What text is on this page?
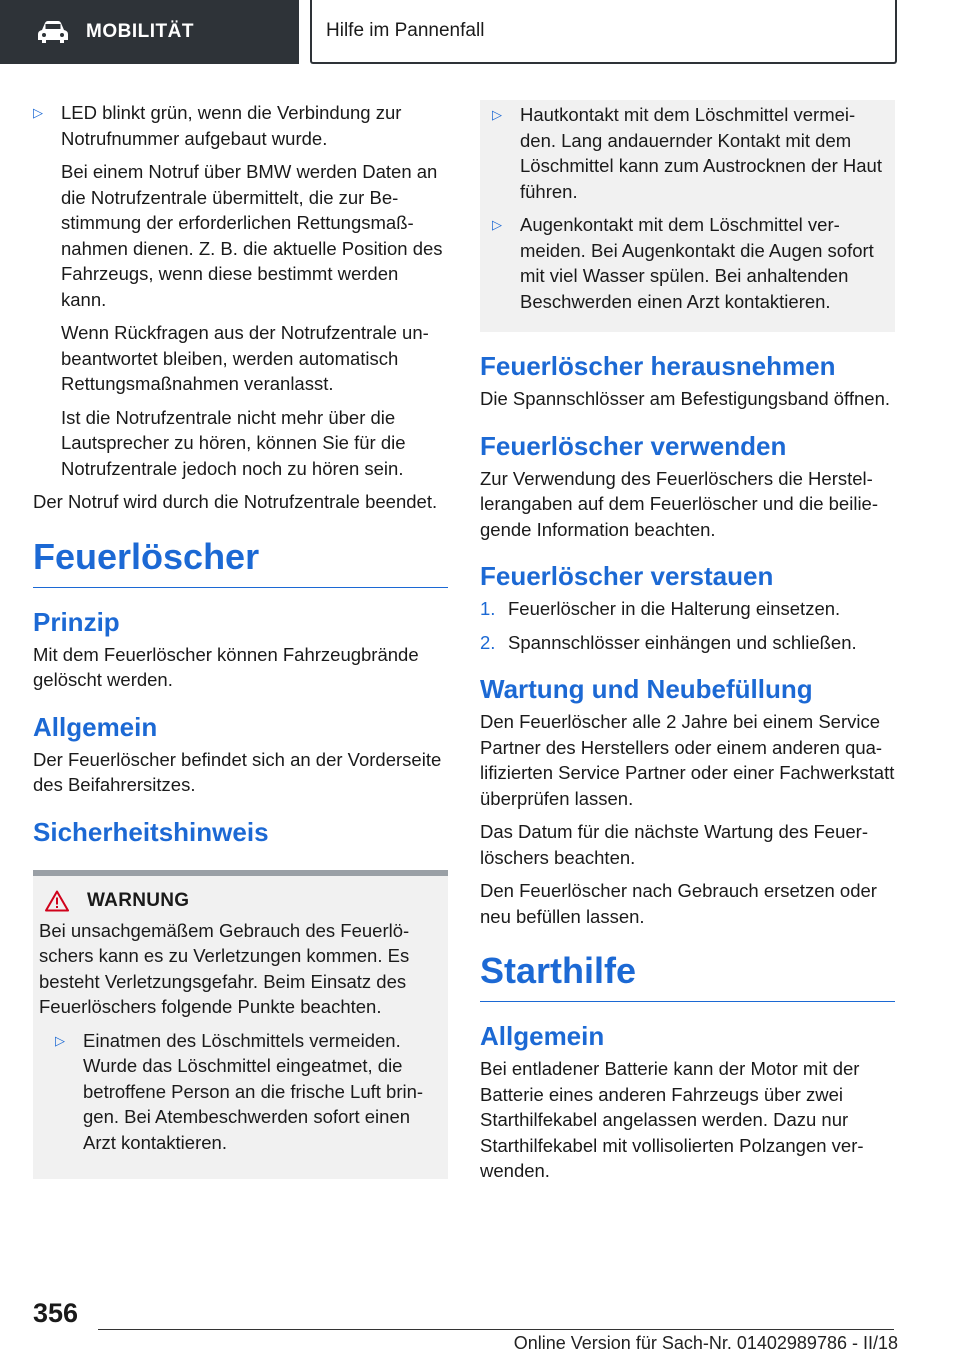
MOBILITÄT	Hilfe im Pannenfall
▷ LED blinkt grün, wenn die Verbindung zur Notrufnummer aufgebaut wurde.

Bei einem Notruf über BMW werden Daten an die Notrufzentrale übermittelt, die zur Bestimmung der erforderlichen Rettungsmaßnahmen dienen. Z. B. die aktuelle Position des Fahrzeugs, wenn diese bestimmt werden kann.

Wenn Rückfragen aus der Notrufzentrale unbeantwortet bleiben, werden automatisch Rettungsmaßnahmen veranlasst.

Ist die Notrufzentrale nicht mehr über die Lautsprecher zu hören, können Sie für die Notrufzentrale jedoch noch zu hören sein.

Der Notruf wird durch die Notrufzentrale beendet.

Feuerlöscher
Prinzip

Mit dem Feuerlöscher können Fahrzeugbrände gelöscht werden.

Allgemein

Der Feuerlöscher befindet sich an der Vorderseite des Beifahrersitzes.

Sicherheitshinweis
WARNUNG

Bei unsachgemäßem Gebrauch des Feuerlöschers kann es zu Verletzungen kommen. Es besteht Verletzungsgefahr. Beim Einsatz des Feuerlöschers folgende Punkte beachten.

▷ Einatmen des Löschmittels vermeiden. Wurde das Löschmittel eingeatmet, die betroffene Person an die frische Luft bringen. Bei Atembeschwerden sofort einen Arzt kontaktieren.

▷ Hautkontakt mit dem Löschmittel vermeiden. Lang andauernder Kontakt mit dem Löschmittel kann zum Austrocknen der Haut führen.

▷ Augenkontakt mit dem Löschmittel vermeiden. Bei Augenkontakt die Augen sofort mit viel Wasser spülen. Bei anhaltenden Beschwerden einen Arzt kontaktieren.

Feuerlöscher herausnehmen

Die Spannschlösser am Befestigungsband öffnen.

Feuerlöscher verwenden

Zur Verwendung des Feuerlöschers die Herstellerangaben auf dem Feuerlöscher und die beiliegende Information beachten.

Feuerlöscher verstauen
1. Feuerlöscher in die Halterung einsetzen.
2. Spannschlösser einhängen und schließen.
Wartung und Neubefüllung

Den Feuerlöscher alle 2 Jahre bei einem Service Partner des Herstellers oder einem anderen qualifizierten Service Partner oder einer Fachwerkstatt überprüfen lassen.

Das Datum für die nächste Wartung des Feuerlöschers beachten.

Den Feuerlöscher nach Gebrauch ersetzen oder neu befüllen lassen.

Starthilfe
Allgemein

Bei entladener Batterie kann der Motor mit der Batterie eines anderen Fahrzeugs über zwei Starthilfekabel angelassen werden. Dazu nur Starthilfekabel mit vollisolierten Polzangen verwenden.

356
Online Version für Sach-Nr. 01402989786 - II/18
